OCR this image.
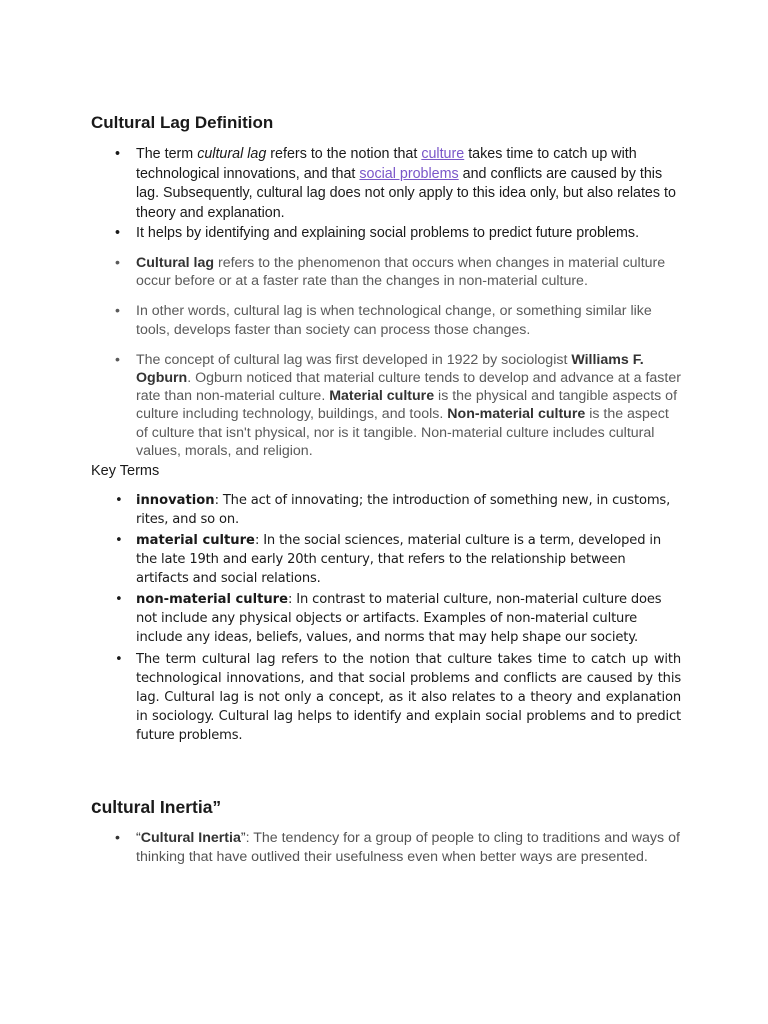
Cultural Lag Definition
• The term cultural lag refers to the notion that culture takes time to catch up with technological innovations, and that social problems and conflicts are caused by this lag. Subsequently, cultural lag does not only apply to this idea only, but also relates to theory and explanation.
• It helps by identifying and explaining social problems to predict future problems.
• Cultural lag refers to the phenomenon that occurs when changes in material culture occur before or at a faster rate than the changes in non-material culture.
• In other words, cultural lag is when technological change, or something similar like tools, develops faster than society can process those changes.
• The concept of cultural lag was first developed in 1922 by sociologist Williams F. Ogburn. Ogburn noticed that material culture tends to develop and advance at a faster rate than non-material culture. Material culture is the physical and tangible aspects of culture including technology, buildings, and tools. Non-material culture is the aspect of culture that isn't physical, nor is it tangible. Non-material culture includes cultural values, morals, and religion.

Key Terms

• innovation: The act of innovating; the introduction of something new, in customs, rites, and so on.
• material culture: In the social sciences, material culture is a term, developed in the late 19th and early 20th century, that refers to the relationship between artifacts and social relations.
• non-material culture: In contrast to material culture, non-material culture does not include any physical objects or artifacts. Examples of non-material culture include any ideas, beliefs, values, and norms that may help shape our society.
• The term cultural lag refers to the notion that culture takes time to catch up with technological innovations, and that social problems and conflicts are caused by this lag. Cultural lag is not only a concept, as it also relates to a theory and explanation in sociology. Cultural lag helps to identify and explain social problems and to predict future problems.
cultural Inertia”
• “Cultural Inertia”: The tendency for a group of people to cling to traditions and ways of thinking that have outlived their usefulness even when better ways are presented.
